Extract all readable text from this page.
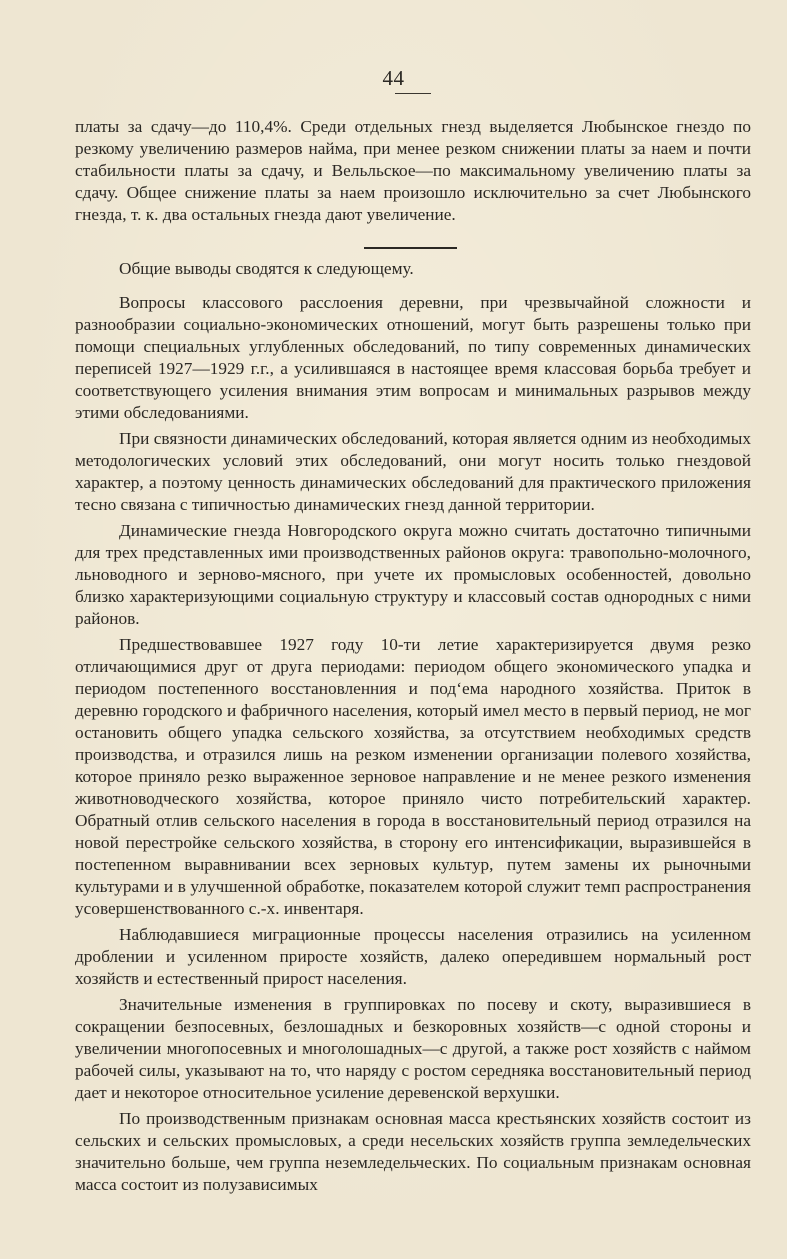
44

платы за сдачу—до 110,4%. Среди отдельных гнезд выделяется Любынское гнездо по резкому увеличению размеров найма, при менее резком снижении платы за наем и почти стабильности платы за сдачу, и Вельльское—по максимальному увеличению платы за сдачу. Общее снижение платы за наем произошло исключительно за счет Любынского гнезда, т. к. два остальных гнезда дают увеличение.

Общие выводы сводятся к следующему.

Вопросы классового расслоения деревни, при чрезвычайной сложности и разнообразии социально-экономических отношений, могут быть разрешены только при помощи специальных углубленных обследований, по типу современных динамических переписей 1927—1929 г.г., а усилившаяся в настоящее время классовая борьба требует и соответствующего усиления внимания этим вопросам и минимальных разрывов между этими обследованиями.

При связности динамических обследований, которая является одним из необходимых методологических условий этих обследований, они могут носить только гнездовой характер, а поэтому ценность динамических обследований для практического приложения тесно связана с типичностью динамических гнезд данной территории.

Динамические гнезда Новгородского округа можно считать достаточно типичными для трех представленных ими производственных районов округа: травопольно-молочного, льноводного и зерново-мясного, при учете их промысловых особенностей, довольно близко характеризующими социальную структуру и классовый состав однородных с ними районов.

Предшествовавшее 1927 году 10-ти летие характеризируется двумя резко отличающимися друг от друга периодами: периодом общего экономического упадка и периодом постепенного восстановленния и под‘ема народного хозяйства. Приток в деревню городского и фабричного населения, который имел место в первый период, не мог остановить общего упадка сельского хозяйства, за отсутствием необходимых средств производства, и отразился лишь на резком изменении организации полевого хозяйства, которое приняло резко выраженное зерновое направление и не менее резкого изменения животноводческого хозяйства, которое приняло чисто потребительский характер. Обратный отлив сельского населения в города в восстановительный период отразился на новой перестройке сельского хозяйства, в сторону его интенсификации, выразившейся в постепенном выравнивании всех зерновых культур, путем замены их рыночными культурами и в улучшенной обработке, показателем которой служит темп распространения усовершенствованного с.-х. инвентаря.

Наблюдавшиеся миграционные процессы населения отразились на усиленном дроблении и усиленном приросте хозяйств, далеко опередившем нормальный рост хозяйств и естественный прирост населения.

Значительные изменения в группировках по посеву и скоту, выразившиеся в сокращении безпосевных, безлошадных и безкоровных хозяйств—с одной стороны и увеличении многопосевных и многолошадных—с другой, а также рост хозяйств с наймом рабочей силы, указывают на то, что наряду с ростом середняка восстановительный период дает и некоторое относительное усиление деревенской верхушки.

По производственным признакам основная масса крестьянских хозяйств состоит из сельских и сельских промысловых, а среди несельских хозяйств группа земледельческих значительно больше, чем группа неземледельческих. По социальным признакам основная масса состоит из полузависимых
